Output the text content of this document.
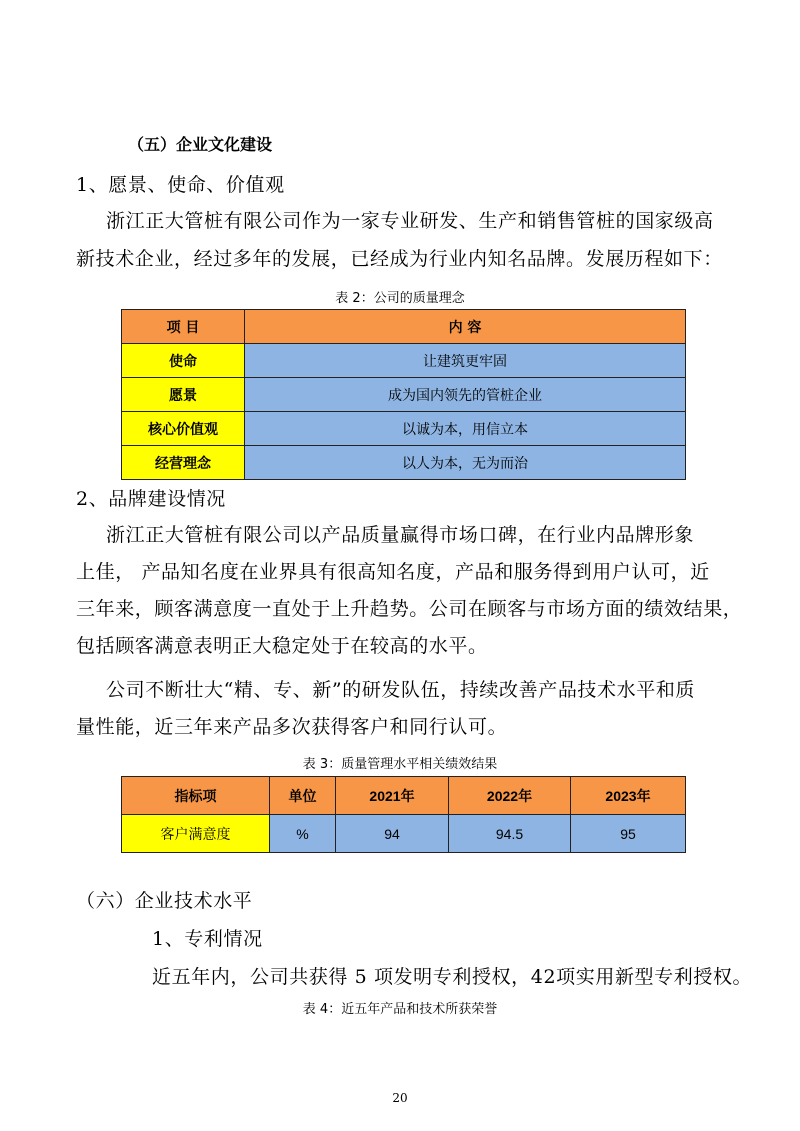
（五）企业文化建设
1、愿景、使命、价值观
浙江正大管桩有限公司作为一家专业研发、生产和销售管桩的国家级高
新技术企业，经过多年的发展，已经成为行业内知名品牌。发展历程如下：
表 2：公司的质量理念
项 目	内 容
使命	让建筑更牢固
愿景	成为国内领先的管桩企业
核心价值观	以诚为本，用信立本
经营理念	以人为本，无为而治
2、品牌建设情况
浙江正大管桩有限公司以产品质量赢得市场口碑，在行业内品牌形象
上佳， 产品知名度在业界具有很高知名度，产品和服务得到用户认可，近
三年来，顾客满意度一直处于上升趋势。公司在顾客与市场方面的绩效结果，
包括顾客满意表明正大稳定处于在较高的水平。
公司不断壮大“精、专、新”的研发队伍，持续改善产品技术水平和质
量性能，近三年来产品多次获得客户和同行认可。
表 3：质量管理水平相关绩效结果
指标项	单位	2021年	2022年	2023年
客户满意度	%	94	94.5	95
（六）企业技术水平
1、专利情况
近五年内，公司共获得 5 项发明专利授权，42项实用新型专利授权。
表 4：近五年产品和技术所获荣誉
20
